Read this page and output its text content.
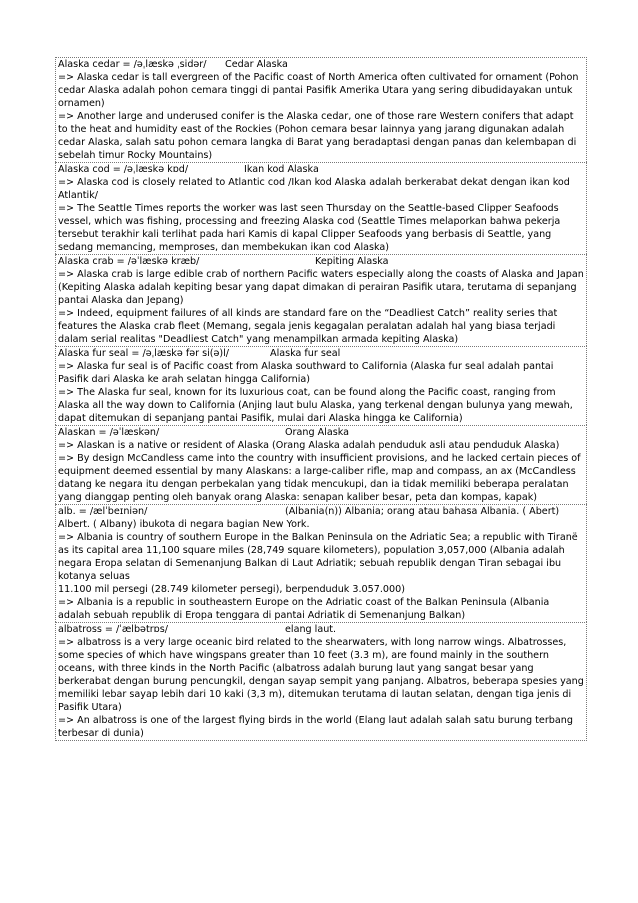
Alaska cedar = /əˌlæskə ˌsidər/	Cedar Alaska

=> Alaska cedar is tall evergreen of the Pacific coast of North America often cultivated for ornament (Pohon cedar Alaska adalah pohon cemara tinggi di pantai Pasifik Amerika Utara yang sering dibudidayakan untuk ornamen)

=> Another large and underused conifer is the Alaska cedar, one of those rare Western conifers that adapt to the heat and humidity east of the Rockies (Pohon cemara besar lainnya yang jarang digunakan adalah cedar Alaska, salah satu pohon cemara langka di Barat yang beradaptasi dengan panas dan kelembapan di sebelah timur Rocky Mountains)

Alaska cod = /əˌlæskə kɒd/	Ikan kod Alaska

=> Alaska cod is closely related to Atlantic cod /Ikan kod Alaska adalah berkerabat dekat dengan ikan kod Atlantik/

=> The Seattle Times reports the worker was last seen Thursday on the Seattle-based Clipper Seafoods vessel, which was fishing, processing and freezing Alaska cod (Seattle Times melaporkan bahwa pekerja tersebut terakhir kali terlihat pada hari Kamis di kapal Clipper Seafoods yang berbasis di Seattle, yang sedang memancing, memproses, dan membekukan ikan cod Alaska)

Alaska crab = /əˈlæskə kræb/	Kepiting Alaska

=> Alaska crab is large edible crab of northern Pacific waters especially along the coasts of Alaska and Japan (Kepiting Alaska adalah kepiting besar yang dapat dimakan di perairan Pasifik utara, terutama di sepanjang pantai Alaska dan Jepang)

=> Indeed, equipment failures of all kinds are standard fare on the “Deadliest Catch” reality series that features the Alaska crab fleet (Memang, segala jenis kegagalan peralatan adalah hal yang biasa terjadi dalam serial realitas "Deadliest Catch" yang menampilkan armada kepiting Alaska)

Alaska fur seal = /əˌlæskə fər si(ə)l/	Alaska fur seal

=> Alaska fur seal is of Pacific coast from Alaska southward to California (Alaska fur seal adalah pantai Pasifik dari Alaska ke arah selatan hingga California)

=> The Alaska fur seal, known for its luxurious coat, can be found along the Pacific coast, ranging from Alaska all the way down to California (Anjing laut bulu Alaska, yang terkenal dengan bulunya yang mewah, dapat ditemukan di sepanjang pantai Pasifik, mulai dari Alaska hingga ke California)

Alaskan = /əˈlæskən/	Orang Alaska

=> Alaskan is a native or resident of Alaska (Orang Alaska adalah penduduk asli atau penduduk Alaska)

=> By design McCandless came into the country with insufficient provisions, and he lacked certain pieces of equipment deemed essential by many Alaskans: a large-caliber rifle, map and compass, an ax (McCandless datang ke negara itu dengan perbekalan yang tidak mencukupi, dan ia tidak memiliki beberapa peralatan yang dianggap penting oleh banyak orang Alaska: senapan kaliber besar, peta dan kompas, kapak)

alb. = /ælˈbeɪniən/	(Albania(n)) Albania; orang atau bahasa Albania. ( Abert)

Albert. ( Albany) ibukota di negara bagian New York.

=> Albania is country of southern Europe in the Balkan Peninsula on the Adriatic Sea; a republic with Tiranë as its capital area 11,100 square miles (28,749 square kilometers), population 3,057,000 (Albania adalah negara Eropa selatan di Semenanjung Balkan di Laut Adriatik; sebuah republik dengan Tiran sebagai ibu kotanya seluas

11.100 mil persegi (28.749 kilometer persegi), berpenduduk 3.057.000)

=> Albania is a republic in southeastern Europe on the Adriatic coast of the Balkan Peninsula (Albania adalah sebuah republik di Eropa tenggara di pantai Adriatik di Semenanjung Balkan)

albatross = /ˈælbətrɒs/	elang laut.

=> albatross is a very large oceanic bird related to the shearwaters, with long narrow wings. Albatrosses, some species of which have wingspans greater than 10 feet (3.3 m), are found mainly in the southern oceans, with three kinds in the North Pacific (albatross adalah burung laut yang sangat besar yang berkerabat dengan burung pencungkil, dengan sayap sempit yang panjang. Albatros, beberapa spesies yang memiliki lebar sayap lebih dari 10 kaki (3,3 m), ditemukan terutama di lautan selatan, dengan tiga jenis di Pasifik Utara)

=> An albatross is one of the largest flying birds in the world (Elang laut adalah salah satu burung terbang terbesar di dunia)
